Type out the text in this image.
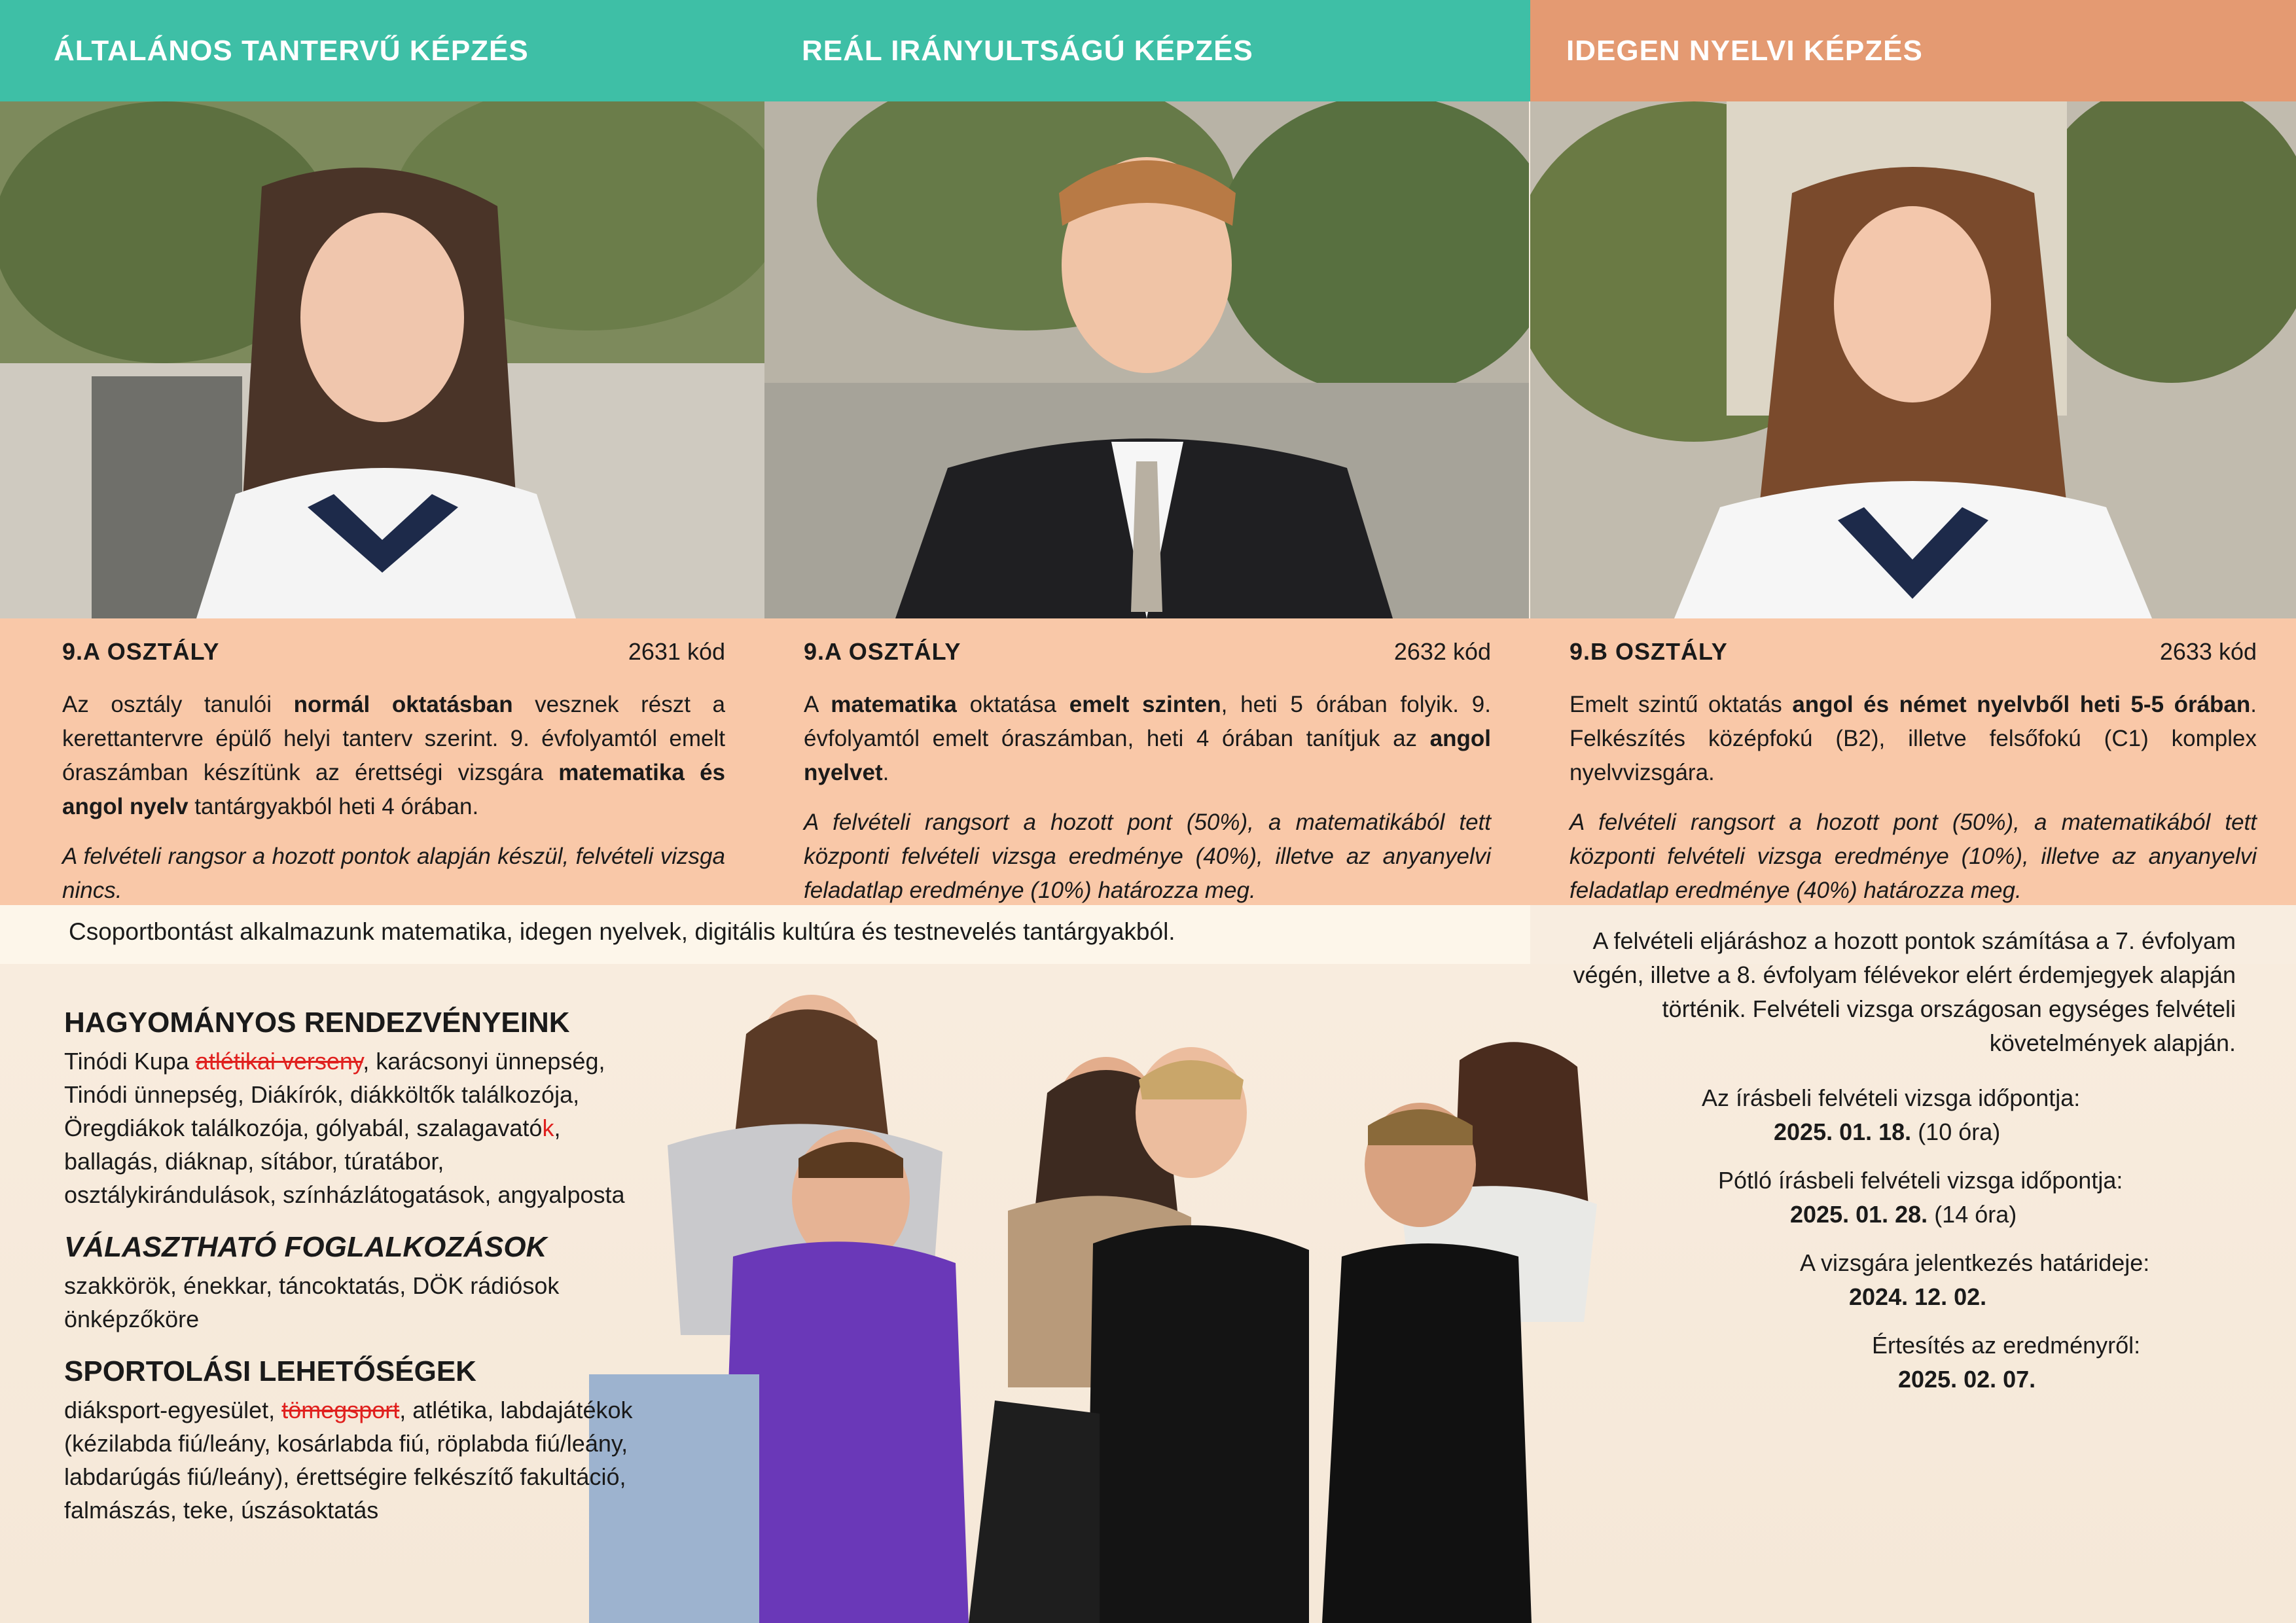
ÁLTALÁNOS TANTERVŰ KÉPZÉS	REÁL IRÁNYULTSÁGÚ KÉPZÉS	IDEGEN NYELVI KÉPZÉS
9.A OSZTÁLY	2631 kód

Az osztály tanulói normál oktatásban vesznek részt a kerettantervre épülő helyi tanterv szerint. 9. évfolyamtól emelt óraszámban készítünk az érettségi vizsgára matematika és angol nyelv tantárgyakból heti 4 órában.

A felvételi rangsor a hozott pontok alapján készül, felvételi vizsga nincs.

9.A OSZTÁLY	2632 kód

A matematika oktatása emelt szinten, heti 5 órában folyik. 9. évfolyamtól emelt óraszámban, heti 4 órában tanítjuk az angol nyelvet.

A felvételi rangsort a hozott pont (50%), a matematikából tett központi felvételi vizsga eredménye (40%), illetve az anyanyelvi feladatlap eredménye (10%) határozza meg.

9.B OSZTÁLY	2633 kód

Emelt szintű oktatás angol és német nyelvből heti 5-5 órában. Felkészítés középfokú (B2), illetve felsőfokú (C1) komplex nyelvvizsgára.

A felvételi rangsort a hozott pont (50%), a matematikából tett központi felvételi vizsga eredménye (10%), illetve az anyanyelvi feladatlap eredménye (40%) határozza meg.

Csoportbontást alkalmazunk matematika, idegen nyelvek, digitális kultúra és testnevelés tantárgyakból.
HAGYOMÁNYOS RENDEZVÉNYEINK

Tinódi Kupa atlétikai verseny, karácsonyi ünnepség, Tinódi ünnepség, Diákírók, diákköltők találkozója, Öregdiákok találkozója, gólyabál, szalagavatók, ballagás, diáknap, sítábor, túratábor, osztálykirándulások, színházlátogatások, angyalposta

VÁLASZTHATÓ FOGLALKOZÁSOK

szakkörök, énekkar, táncoktatás, DÖK rádiósok önképzőköre

SPORTOLÁSI LEHETŐSÉGEK

diáksport-egyesület, tömegsport, atlétika, labdajátékok (kézilabda fiú/leány, kosárlabda fiú, röplabda fiú/leány, labdarúgás fiú/leány), érettségire felkészítő fakultáció, falmászás, teke, úszásoktatás

A felvételi eljáráshoz a hozott pontok számítása a 7. évfolyam végén, illetve a 8. évfolyam félévekor elért érdemjegyek alapján történik. Felvételi vizsga országosan egységes felvételi követelmények alapján.
Az írásbeli felvételi vizsga időpontja:
2025. 01. 18. (10 óra)
Pótló írásbeli felvételi vizsga időpontja:
2025. 01. 28. (14 óra)
A vizsgára jelentkezés határideje:
2024. 12. 02.
Értesítés az eredményről:
2025. 02. 07.
